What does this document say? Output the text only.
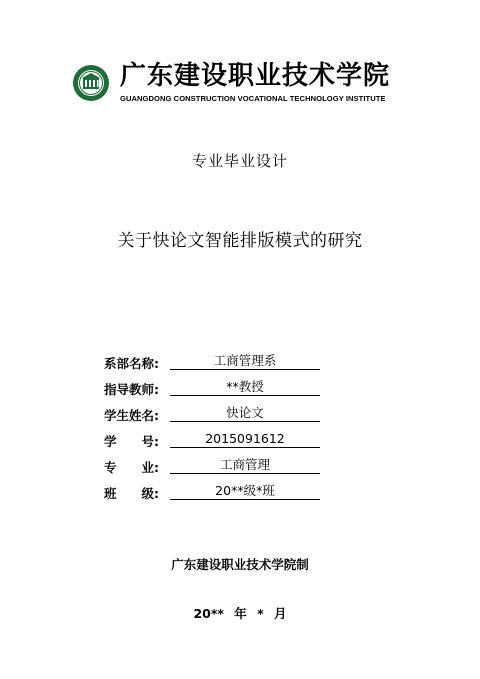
广东建设职业技术学院
GUANGDONG CONSTRUCTION VOCATIONAL TECHNOLOGY INSTITUTE
专业毕业设计
关于快论文智能排版模式的研究
系部名称:	工商管理系
指导教师:	**教授
学生姓名:	快论文
学　　号:	2015091612
专　　业:	工商管理
班　　级:	20**级*班
广东建设职业技术学院制
20** 年 * 月
